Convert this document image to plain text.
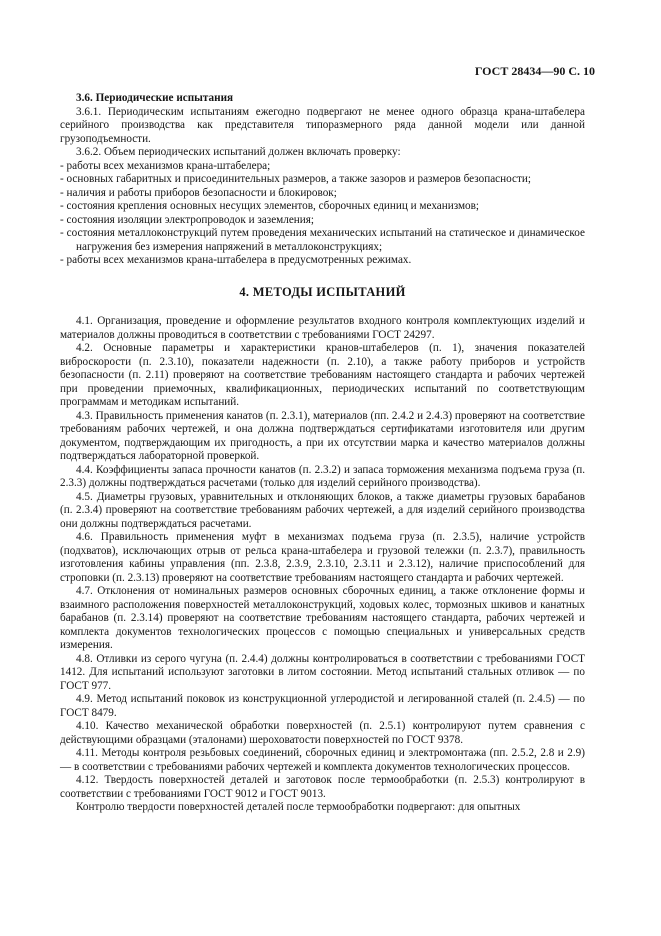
ГОСТ 28434—90 С. 10

3.6. Периодические испытания

3.6.1. Периодическим испытаниям ежегодно подвергают не менее одного образца крана-штабелера серийного производства как представителя типоразмерного ряда данной модели или данной грузоподъемности.

3.6.2. Объем периодических испытаний должен включать проверку:

- работы всех механизмов крана-штабелера;

- основных габаритных и присоединительных размеров, а также зазоров и размеров безопасности;

- наличия и работы приборов безопасности и блокировок;

- состояния крепления основных несущих элементов, сборочных единиц и механизмов;

- состояния изоляции электропроводок и заземления;

- состояния металлоконструкций путем проведения механических испытаний на статическое и динамическое нагружения без измерения напряжений в металлоконструкциях;

- работы всех механизмов крана-штабелера в предусмотренных режимах.

4. МЕТОДЫ ИСПЫТАНИЙ

4.1. Организация, проведение и оформление результатов входного контроля комплектующих изделий и материалов должны проводиться в соответствии с требованиями ГОСТ 24297.

4.2. Основные параметры и характеристики кранов-штабелеров (п. 1), значения показателей виброскорости (п. 2.3.10), показатели надежности (п. 2.10), а также работу приборов и устройств безопасности (п. 2.11) проверяют на соответствие требованиям настоящего стандарта и рабочих чертежей при проведении приемочных, квалификационных, периодических испытаний по соответствующим программам и методикам испытаний.

4.3. Правильность применения канатов (п. 2.3.1), материалов (пп. 2.4.2 и 2.4.3) проверяют на соответствие требованиям рабочих чертежей, и она должна подтверждаться сертификатами изготовителя или другим документом, подтверждающим их пригодность, а при их отсутствии марка и качество материалов должны подтверждаться лабораторной проверкой.

4.4. Коэффициенты запаса прочности канатов (п. 2.3.2) и запаса торможения механизма подъема груза (п. 2.3.3) должны подтверждаться расчетами (только для изделий серийного производства).

4.5. Диаметры грузовых, уравнительных и отклоняющих блоков, а также диаметры грузовых барабанов (п. 2.3.4) проверяют на соответствие требованиям рабочих чертежей, а для изделий серийного производства они должны подтверждаться расчетами.

4.6. Правильность применения муфт в механизмах подъема груза (п. 2.3.5), наличие устройств (подхватов), исключающих отрыв от рельса крана-штабелера и грузовой тележки (п. 2.3.7), правильность изготовления кабины управления (пп. 2.3.8, 2.3.9, 2.3.10, 2.3.11 и 2.3.12), наличие приспособлений для строповки (п. 2.3.13) проверяют на соответствие требованиям настоящего стандарта и рабочих чертежей.

4.7. Отклонения от номинальных размеров основных сборочных единиц, а также отклонение формы и взаимного расположения поверхностей металлоконструкций, ходовых колес, тормозных шкивов и канатных барабанов (п. 2.3.14) проверяют на соответствие требованиям настоящего стандарта, рабочих чертежей и комплекта документов технологических процессов с помощью специальных и универсальных средств измерения.

4.8. Отливки из серого чугуна (п. 2.4.4) должны контролироваться в соответствии с требованиями ГОСТ 1412. Для испытаний используют заготовки в литом состоянии. Метод испытаний стальных отливок — по ГОСТ 977.

4.9. Метод испытаний поковок из конструкционной углеродистой и легированной сталей (п. 2.4.5) — по ГОСТ 8479.

4.10. Качество механической обработки поверхностей (п. 2.5.1) контролируют путем сравнения с действующими образцами (эталонами) шероховатости поверхностей по ГОСТ 9378.

4.11. Методы контроля резьбовых соединений, сборочных единиц и электромонтажа (пп. 2.5.2, 2.8 и 2.9) — в соответствии с требованиями рабочих чертежей и комплекта документов технологических процессов.

4.12. Твердость поверхностей деталей и заготовок после термообработки (п. 2.5.3) контролируют в соответствии с требованиями ГОСТ 9012 и ГОСТ 9013.

Контролю твердости поверхностей деталей после термообработки подвергают: для опытных
